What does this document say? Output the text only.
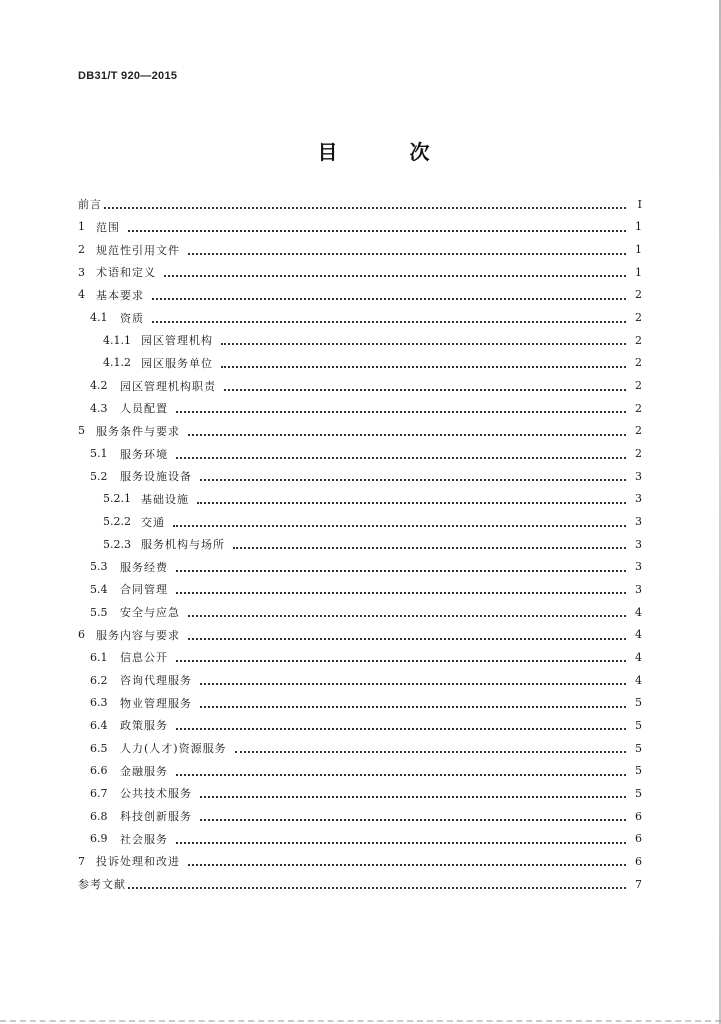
DB31/T 920—2015
目　次
前言	Ⅰ
1 范围	1
2 规范性引用文件	1
3 术语和定义	1
4 基本要求	2
4.1	资质	2
4.1.1 园区管理机构	2
4.1.2 园区服务单位	2
4.2	园区管理机构职责	2
4.3	人员配置	2
5 服务条件与要求	2
5.1	服务环境	2
5.2	服务设施设备	3
5.2.1 基础设施	3
5.2.2 交通	3
5.2.3 服务机构与场所	3
5.3	服务经费	3
5.4	合同管理	3
5.5	安全与应急	4
6 服务内容与要求	4
6.1	信息公开	4
6.2	咨询代理服务	4
6.3	物业管理服务	5
6.4	政策服务	5
6.5	人力(人才)资源服务	5
6.6	金融服务	5
6.7	公共技术服务	5
6.8	科技创新服务	6
6.9	社会服务	6
7 投诉处理和改进	6
参考文献	7
